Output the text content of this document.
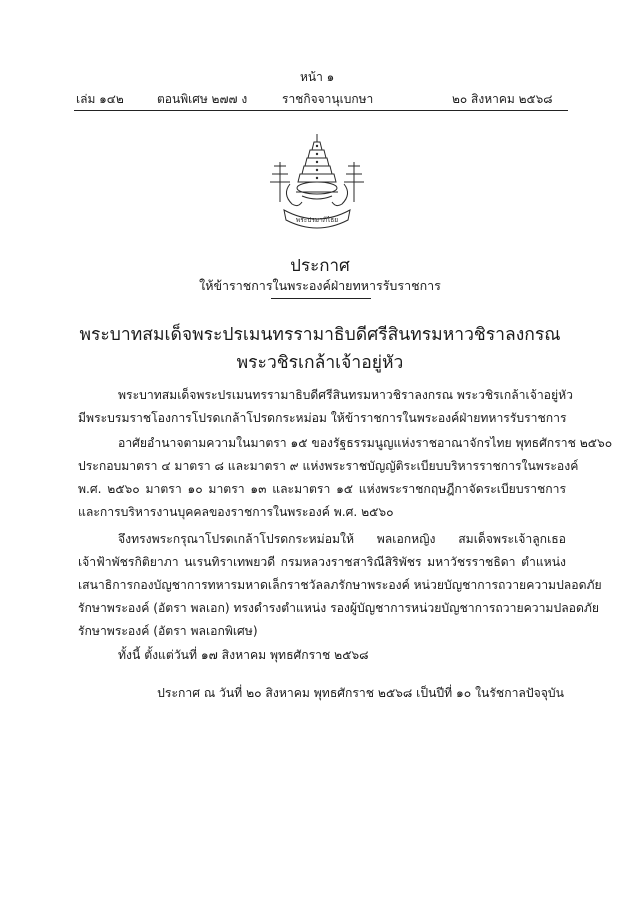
หน้า ๑
เล่ม ๑๔๒	ตอนพิเศษ ๒๗๗ ง	ราชกิจจานุเบกษา	๒๐ สิงหาคม ๒๕๖๘
พระปรมาภิไธย
ประกาศ
ให้ข้าราชการในพระองค์ฝ่ายทหารรับราชการ
พระบาทสมเด็จพระปรเมนทรรามาธิบดีศรีสินทรมหาวชิราลงกรณ
พระวชิรเกล้าเจ้าอยู่หัว
พระบาทสมเด็จพระปรเมนทรรามาธิบดีศรีสินทรมหาวชิราลงกรณ พระวชิรเกล้าเจ้าอยู่หัว
มีพระบรมราชโองการโปรดเกล้าโปรดกระหม่อม ให้ข้าราชการในพระองค์ฝ่ายทหารรับราชการ
อาศัยอำนาจตามความในมาตรา ๑๕ ของรัฐธรรมนูญแห่งราชอาณาจักรไทย พุทธศักราช ๒๕๖๐
ประกอบมาตรา ๔ มาตรา ๘ และมาตรา ๙ แห่งพระราชบัญญัติระเบียบบริหารราชการในพระองค์
พ.ศ. ๒๕๖๐ มาตรา ๑๐ มาตรา ๑๓ และมาตรา ๑๕ แห่งพระราชกฤษฎีกาจัดระเบียบราชการ
และการบริหารงานบุคคลของราชการในพระองค์ พ.ศ. ๒๕๖๐
จึงทรงพระกรุณาโปรดเกล้าโปรดกระหม่อมให้ พลเอกหญิง สมเด็จพระเจ้าลูกเธอ
เจ้าฟ้าพัชรกิติยาภา นเรนทิราเทพยวดี กรมหลวงราชสาริณีสิริพัชร มหาวัชรราชธิดา ตำแหน่ง
เสนาธิการกองบัญชาการทหารมหาดเล็กราชวัลลภรักษาพระองค์ หน่วยบัญชาการถวายความปลอดภัย
รักษาพระองค์ (อัตรา พลเอก) ทรงดำรงตำแหน่ง รองผู้บัญชาการหน่วยบัญชาการถวายความปลอดภัย
รักษาพระองค์ (อัตรา พลเอกพิเศษ)
ทั้งนี้ ตั้งแต่วันที่ ๑๗ สิงหาคม พุทธศักราช ๒๕๖๘
ประกาศ ณ วันที่ ๒๐ สิงหาคม พุทธศักราช ๒๕๖๘ เป็นปีที่ ๑๐ ในรัชกาลปัจจุบัน
